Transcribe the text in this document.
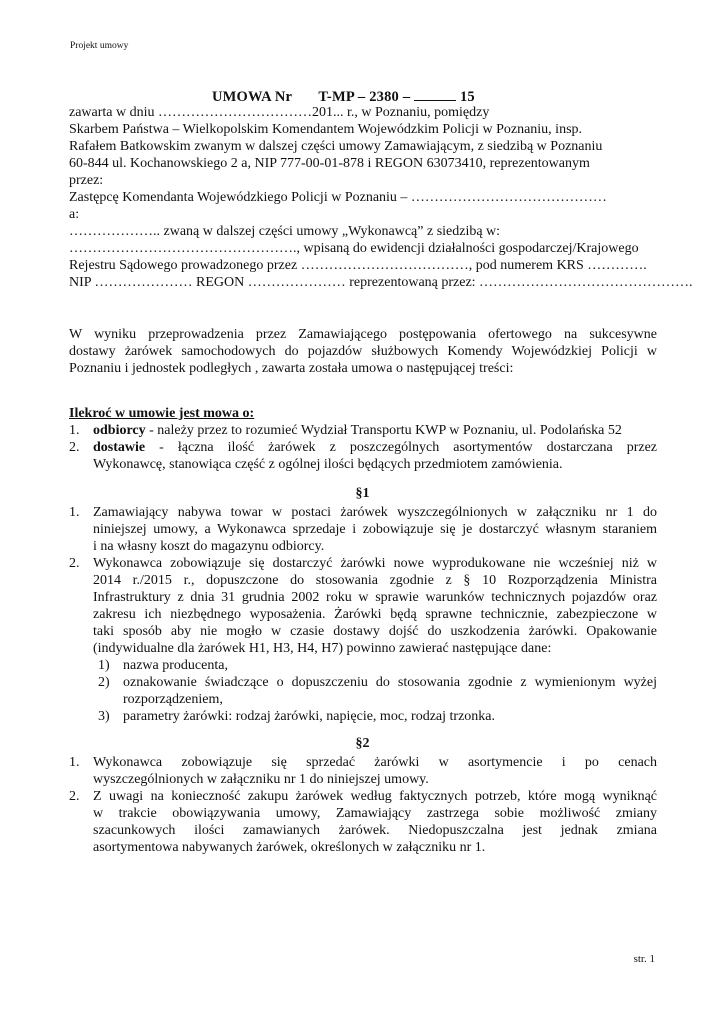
Projekt umowy
UMOWA Nr T-MP – 2380 –	15
zawarta w dniu ……………………………201... r., w Poznaniu, pomiędzy
Skarbem Państwa – Wielkopolskim Komendantem Wojewódzkim Policji w Poznaniu, insp.
Rafałem Batkowskim zwanym w dalszej części umowy Zamawiającym, z siedzibą w Poznaniu
60-844 ul. Kochanowskiego 2 a, NIP 777-00-01-878 i REGON 63073410, reprezentowanym
przez:
Zastępcę Komendanta Wojewódzkiego Policji w Poznaniu – ……………………………………
a:
……………….. zwaną w dalszej części umowy „Wykonawcą” z siedzibą w:
…………………………………………., wpisaną do ewidencji działalności gospodarczej/Krajowego
Rejestru Sądowego prowadzonego przez ………………………………, pod numerem KRS ………….
NIP ………………… REGON ………………… reprezentowaną przez: ……………………………………….
W wyniku przeprowadzenia przez Zamawiającego postępowania ofertowego na sukcesywne
dostawy żarówek samochodowych do pojazdów służbowych Komendy Wojewódzkiej Policji w
Poznaniu i jednostek podległych , zawarta została umowa o następującej treści:
Ilekroć w umowie jest mowa o:
1. odbiorcy - należy przez to rozumieć Wydział Transportu KWP w Poznaniu, ul. Podolańska 52
2. dostawie - łączna ilość żarówek z poszczególnych asortymentów dostarczana przez
Wykonawcę, stanowiąca część z ogólnej ilości będących przedmiotem zamówienia.
§1
1. Zamawiający nabywa towar w postaci żarówek wyszczególnionych w załączniku nr 1 do
niniejszej umowy, a Wykonawca sprzedaje i zobowiązuje się je dostarczyć własnym staraniem
i na własny koszt do magazynu odbiorcy.
2. Wykonawca zobowiązuje się dostarczyć żarówki nowe wyprodukowane nie wcześniej niż w
2014 r./2015 r., dopuszczone do stosowania zgodnie z § 10 Rozporządzenia Ministra
Infrastruktury z dnia 31 grudnia 2002 roku w sprawie warunków technicznych pojazdów oraz
zakresu ich niezbędnego wyposażenia. Żarówki będą sprawne technicznie, zabezpieczone w
taki sposób aby nie mogło w czasie dostawy dojść do uszkodzenia żarówki. Opakowanie
(indywidualne dla żarówek H1, H3, H4, H7) powinno zawierać następujące dane:
1) nazwa producenta,
2) oznakowanie świadczące o dopuszczeniu do stosowania zgodnie z wymienionym wyżej
rozporządzeniem,
3) parametry żarówki: rodzaj żarówki, napięcie, moc, rodzaj trzonka.
§2
1. Wykonawca zobowiązuje się sprzedać żarówki w asortymencie i po cenach
wyszczególnionych w załączniku nr 1 do niniejszej umowy.
2. Z uwagi na konieczność zakupu żarówek według faktycznych potrzeb, które mogą wyniknąć
w trakcie obowiązywania umowy, Zamawiający zastrzega sobie możliwość zmiany
szacunkowych ilości zamawianych żarówek. Niedopuszczalna jest jednak zmiana
asortymentowa nabywanych żarówek, określonych w załączniku nr 1.
str. 1
